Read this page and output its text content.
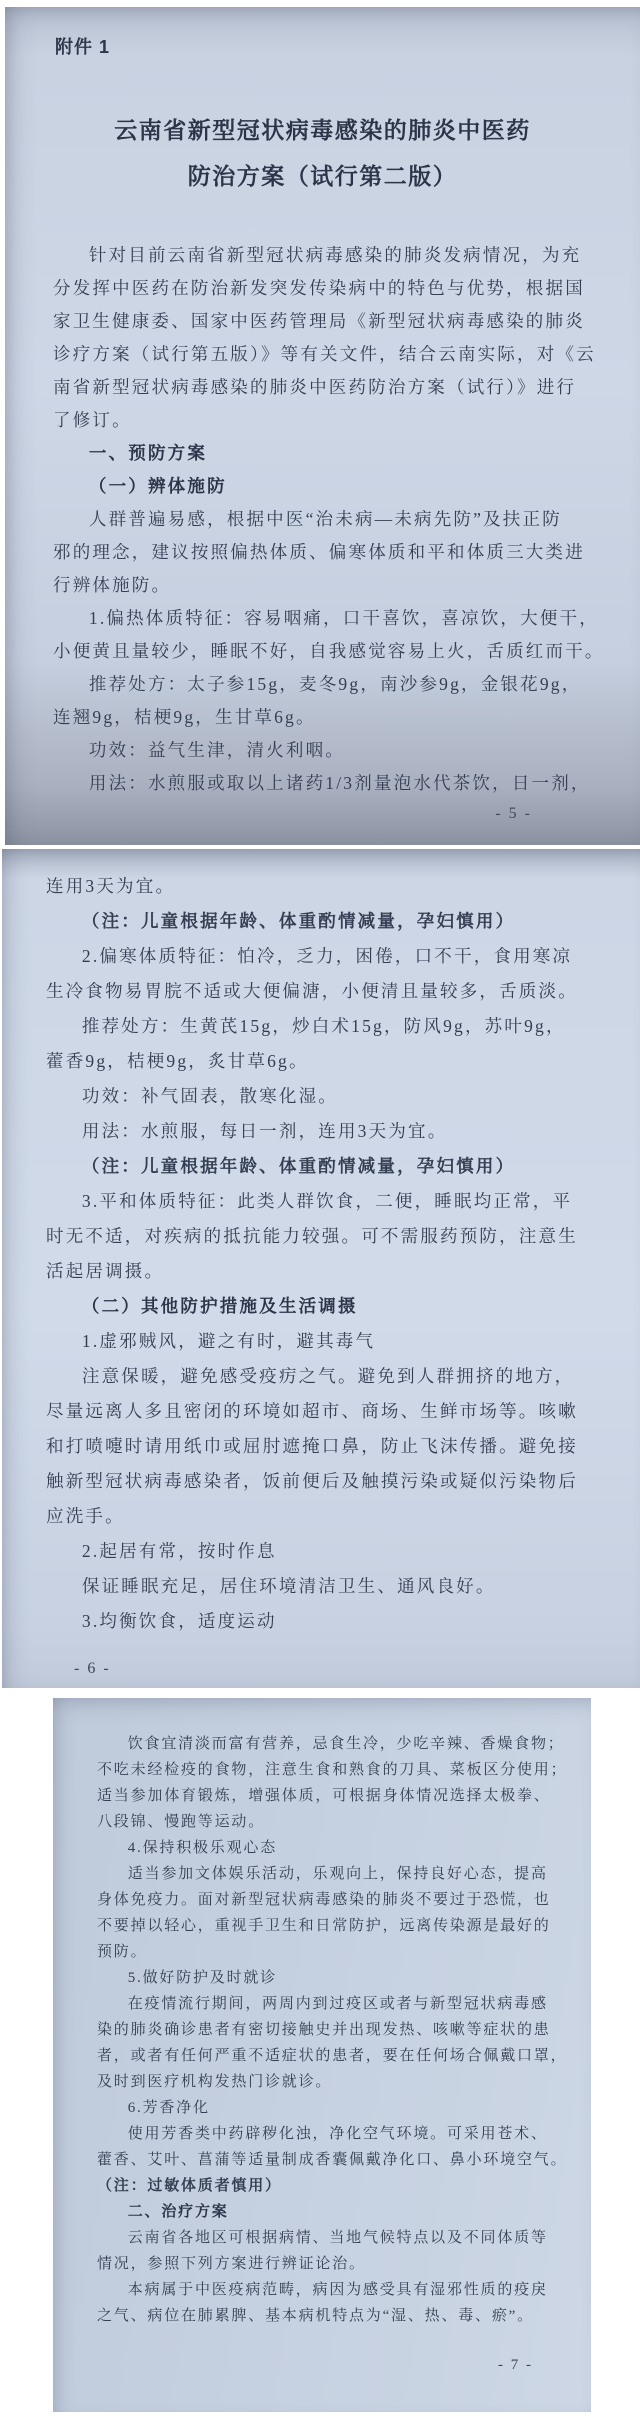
附件 1
云南省新型冠状病毒感染的肺炎中医药
防治方案（试行第二版）
针对目前云南省新型冠状病毒感染的肺炎发病情况，为充
分发挥中医药在防治新发突发传染病中的特色与优势，根据国
家卫生健康委、国家中医药管理局《新型冠状病毒感染的肺炎
诊疗方案（试行第五版）》等有关文件，结合云南实际，对《云
南省新型冠状病毒感染的肺炎中医药防治方案（试行）》进行
了修订。
一、预防方案
（一）辨体施防
人群普遍易感，根据中医“治未病—未病先防”及扶正防
邪的理念，建议按照偏热体质、偏寒体质和平和体质三大类进
行辨体施防。
1.偏热体质特征：容易咽痛，口干喜饮，喜凉饮，大便干，
小便黄且量较少，睡眠不好，自我感觉容易上火，舌质红而干。
推荐处方：太子参15g，麦冬9g，南沙参9g，金银花9g，
连翘9g，桔梗9g，生甘草6g。
功效：益气生津，清火利咽。
用法：水煎服或取以上诸药1/3剂量泡水代茶饮，日一剂，
- 5 -
连用3天为宜。
（注：儿童根据年龄、体重酌情减量，孕妇慎用）
2.偏寒体质特征：怕冷，乏力，困倦，口不干，食用寒凉
生冷食物易胃脘不适或大便偏溏，小便清且量较多，舌质淡。
推荐处方：生黄芪15g，炒白术15g，防风9g，苏叶9g，
藿香9g，桔梗9g，炙甘草6g。
功效：补气固表，散寒化湿。
用法：水煎服，每日一剂，连用3天为宜。
（注：儿童根据年龄、体重酌情减量，孕妇慎用）
3.平和体质特征：此类人群饮食，二便，睡眠均正常，平
时无不适，对疾病的抵抗能力较强。可不需服药预防，注意生
活起居调摄。
（二）其他防护措施及生活调摄
1.虚邪贼风，避之有时，避其毒气
注意保暖，避免感受疫疠之气。避免到人群拥挤的地方，
尽量远离人多且密闭的环境如超市、商场、生鲜市场等。咳嗽
和打喷嚏时请用纸巾或屈肘遮掩口鼻，防止飞沫传播。避免接
触新型冠状病毒感染者，饭前便后及触摸污染或疑似污染物后
应洗手。
2.起居有常，按时作息
保证睡眠充足，居住环境清洁卫生、通风良好。
3.均衡饮食，适度运动
- 6 -
饮食宜清淡而富有营养，忌食生冷，少吃辛辣、香燥食物；
不吃未经检疫的食物，注意生食和熟食的刀具、菜板区分使用；
适当参加体育锻炼，增强体质，可根据身体情况选择太极拳、
八段锦、慢跑等运动。
4.保持积极乐观心态
适当参加文体娱乐活动，乐观向上，保持良好心态，提高
身体免疫力。面对新型冠状病毒感染的肺炎不要过于恐慌，也
不要掉以轻心，重视手卫生和日常防护，远离传染源是最好的
预防。
5.做好防护及时就诊
在疫情流行期间，两周内到过疫区或者与新型冠状病毒感
染的肺炎确诊患者有密切接触史并出现发热、咳嗽等症状的患
者，或者有任何严重不适症状的患者，要在任何场合佩戴口罩，
及时到医疗机构发热门诊就诊。
6.芳香净化
使用芳香类中药辟秽化浊，净化空气环境。可采用苍术、
藿香、艾叶、菖蒲等适量制成香囊佩戴净化口、鼻小环境空气。
（注：过敏体质者慎用）
二、治疗方案
云南省各地区可根据病情、当地气候特点以及不同体质等
情况，参照下列方案进行辨证论治。
本病属于中医疫病范畴，病因为感受具有湿邪性质的疫戾
之气、病位在肺累脾、基本病机特点为“湿、热、毒、瘀”。
- 7 -
